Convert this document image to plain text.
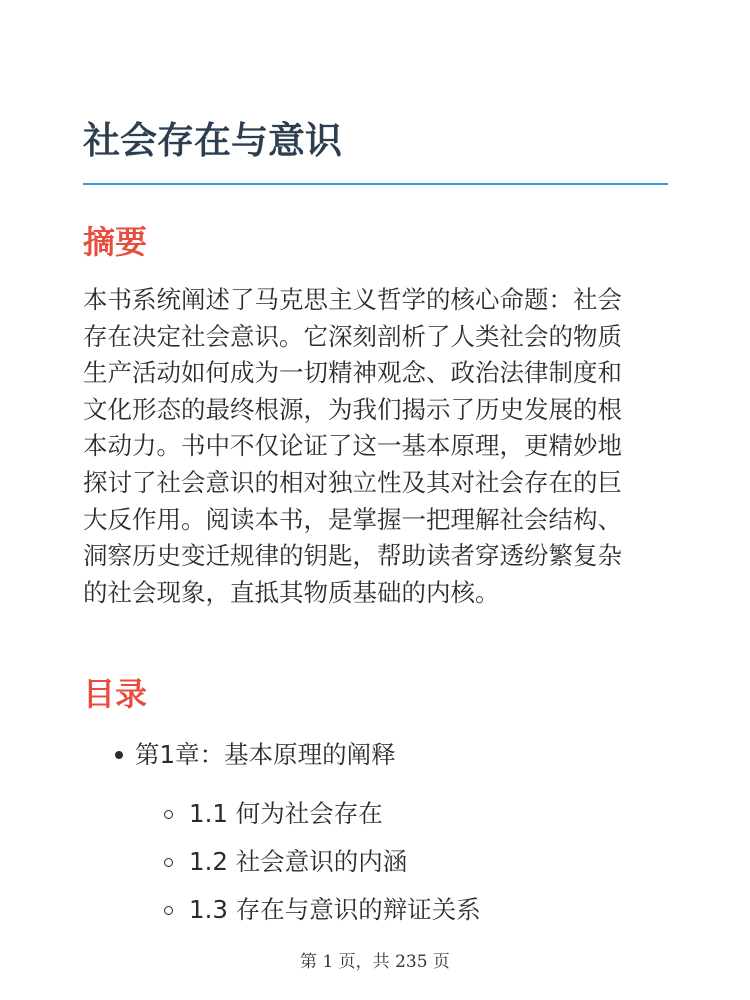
社会存在与意识
摘要

本书系统阐述了马克思主义哲学的核心命题：社会
存在决定社会意识。它深刻剖析了人类社会的物质
生产活动如何成为一切精神观念、政治法律制度和
文化形态的最终根源，为我们揭示了历史发展的根
本动力。书中不仅论证了这一基本原理，更精妙地
探讨了社会意识的相对独立性及其对社会存在的巨
大反作用。阅读本书，是掌握一把理解社会结构、
洞察历史变迁规律的钥匙，帮助读者穿透纷繁复杂
的社会现象，直抵其物质基础的内核。

目录
第1章：基本原理的阐释
1.1 何为社会存在
1.2 社会意识的内涵
1.3 存在与意识的辩证关系
第 1 页，共 235 页
